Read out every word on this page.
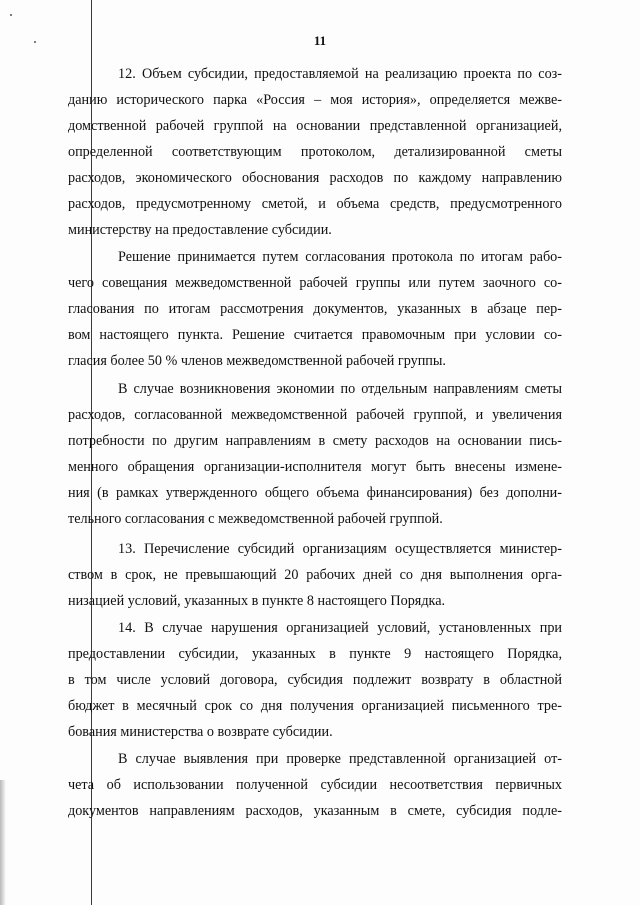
11
12. Объем субсидии, предоставляемой на реализацию проекта по соз-
данию исторического парка «Россия – моя история», определяется межве-
домственной рабочей группой на основании представленной организацией,
определенной соответствующим протоколом, детализированной сметы
расходов, экономического обоснования расходов по каждому направлению
расходов, предусмотренному сметой, и объема средств, предусмотренного
министерству на предоставление субсидии.
Решение принимается путем согласования протокола по итогам рабо-
чего совещания межведомственной рабочей группы или путем заочного со-
гласования по итогам рассмотрения документов, указанных в абзаце пер-
вом настоящего пункта. Решение считается правомочным при условии со-
гласия более 50 % членов межведомственной рабочей группы.
В случае возникновения экономии по отдельным направлениям сметы
расходов, согласованной межведомственной рабочей группой, и увеличения
потребности по другим направлениям в смету расходов на основании пись-
менного обращения организации-исполнителя могут быть внесены измене-
ния (в рамках утвержденного общего объема финансирования) без дополни-
тельного согласования с межведомственной рабочей группой.
13. Перечисление субсидий организациям осуществляется министер-
ством в срок, не превышающий 20 рабочих дней со дня выполнения орга-
низацией условий, указанных в пункте 8 настоящего Порядка.
14. В случае нарушения организацией условий, установленных при
предоставлении субсидии, указанных в пункте 9 настоящего Порядка,
в том числе условий договора, субсидия подлежит возврату в областной
бюджет в месячный срок со дня получения организацией письменного тре-
бования министерства о возврате субсидии.
В случае выявления при проверке представленной организацией от-
чета об использовании полученной субсидии несоответствия первичных
документов направлениям расходов, указанным в смете, субсидия подле-
